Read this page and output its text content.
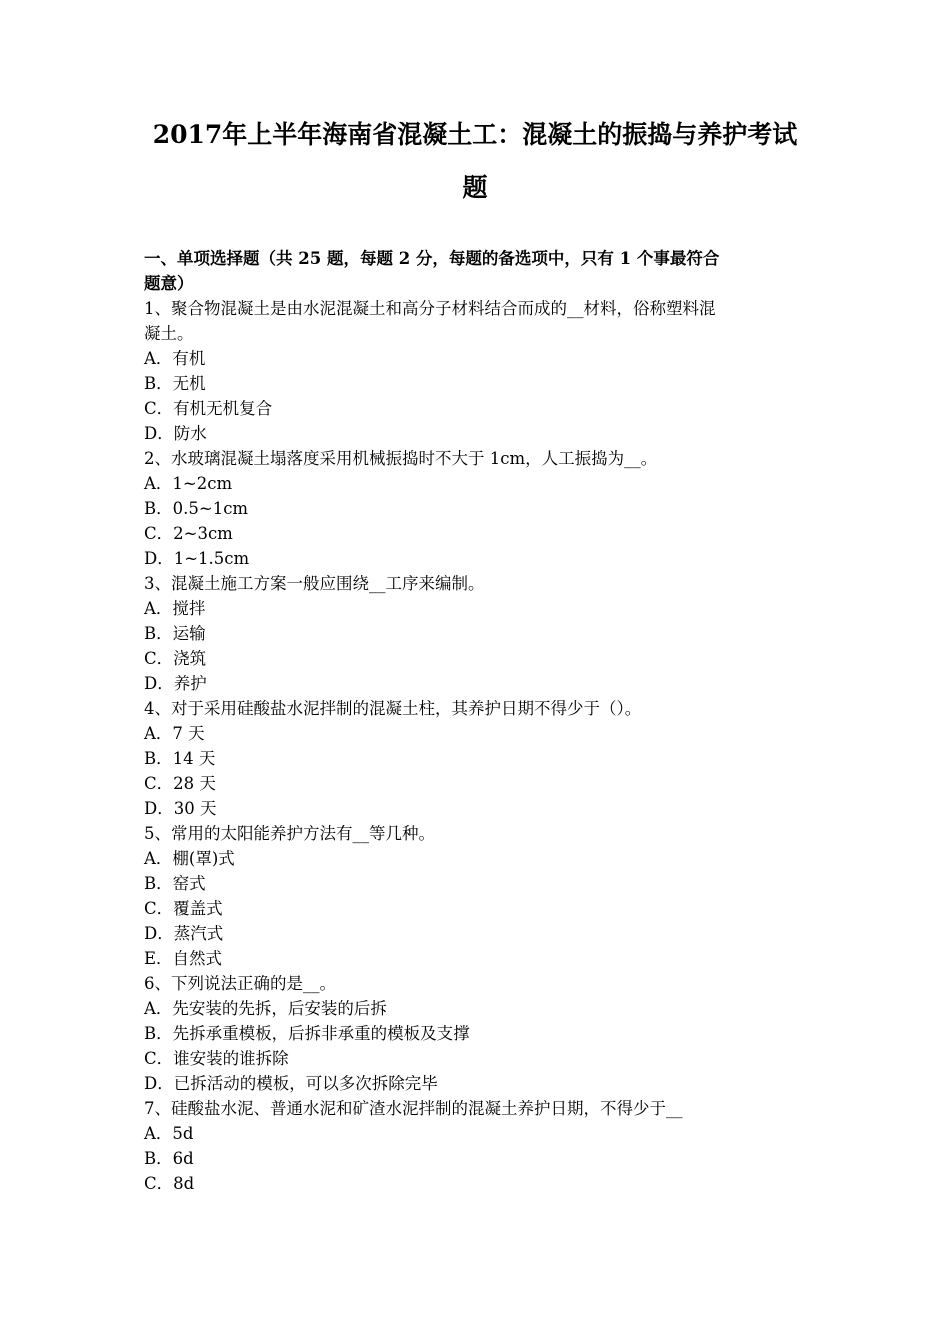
2017年上半年海南省混凝土工：混凝土的振捣与养护考试
题

一、单项选择题（共 25 题，每题 2 分，每题的备选项中，只有 1 个事最符合

题意）

1、聚合物混凝土是由水泥混凝土和高分子材料结合而成的__材料，俗称塑料混
凝土。
A．有机
B．无机
C．有机无机复合
D．防水
2、水玻璃混凝土塌落度采用机械振捣时不大于 1cm，人工振捣为__。
A．1~2cm
B．0.5~1cm
C．2~3cm
D．1~1.5cm
3、混凝土施工方案一般应围绕__工序来编制。
A．搅拌
B．运输
C．浇筑
D．养护
4、对于采用硅酸盐水泥拌制的混凝土柱，其养护日期不得少于（）。
A．7 天
B．14 天
C．28 天
D．30 天
5、常用的太阳能养护方法有__等几种。
A．棚(罩)式
B．窑式
C．覆盖式
D．蒸汽式
E．自然式
6、下列说法正确的是__。
A．先安装的先拆，后安装的后拆
B．先拆承重模板，后拆非承重的模板及支撑
C．谁安装的谁拆除
D．已拆活动的模板，可以多次拆除完毕
7、硅酸盐水泥、普通水泥和矿渣水泥拌制的混凝土养护日期，不得少于__
A．5d
B．6d
C．8d
